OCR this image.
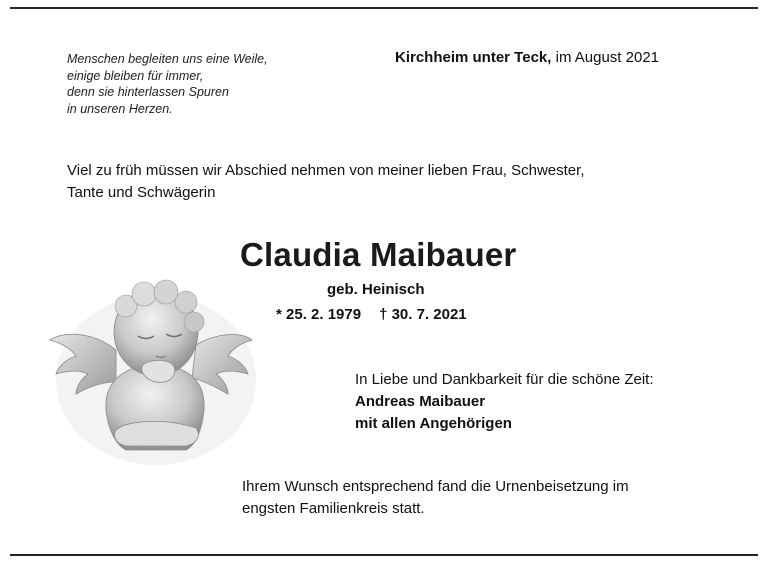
Menschen begleiten uns eine Weile,
einige bleiben für immer,
denn sie hinterlassen Spuren
in unseren Herzen.
Kirchheim unter Teck, im August 2021
Viel zu früh müssen wir Abschied nehmen von meiner lieben Frau, Schwester,
Tante und Schwägerin
Claudia Maibauer
geb. Heinisch
* 25. 2. 1979 † 30. 7. 2021
In Liebe und Dankbarkeit für die schöne Zeit:
Andreas Maibauer
mit allen Angehörigen
Ihrem Wunsch entsprechend fand die Urnenbeisetzung im
engsten Familienkreis statt.
